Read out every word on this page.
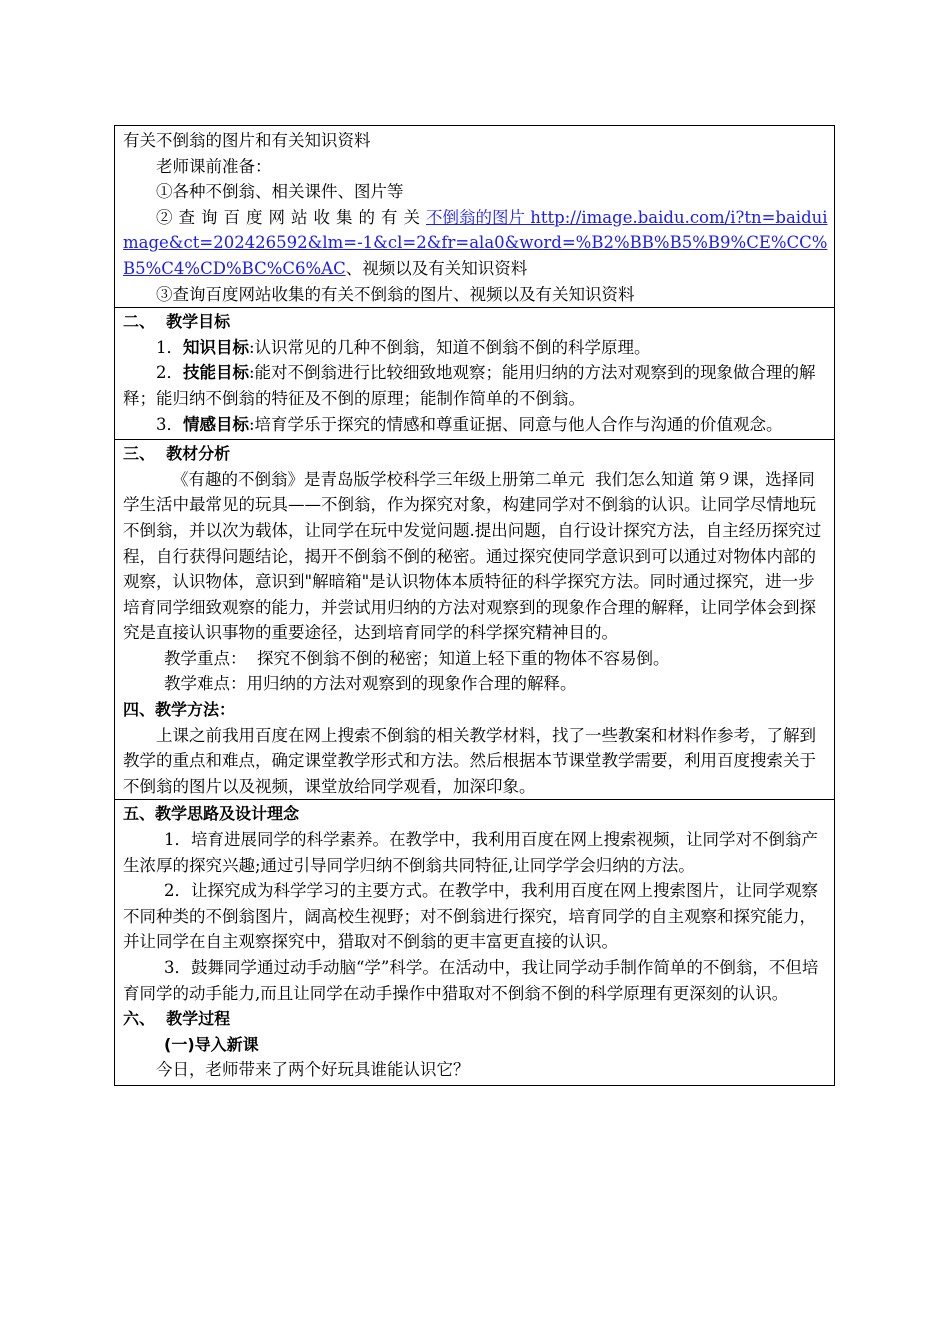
有关不倒翁的图片和有关知识资料

老师课前准备：

①各种不倒翁、相关课件、图片等

②查询百度网站收集的有关不倒翁的图片 http://image.baidu.com/i?tn=baiduimage&ct=202426592&lm=-1&cl=2&fr=ala0&word=%B2%BB%B5%B9%CE%CC%B5%C4%CD%BC%C6%AC、视频以及有关知识资料

③查询百度网站收集的有关不倒翁的图片、视频以及有关知识资料

二、  教学目标

1．知识目标:认识常见的几种不倒翁，知道不倒翁不倒的科学原理。

2．技能目标:能对不倒翁进行比较细致地观察；能用归纳的方法对观察到的现象做合理的解释；能归纳不倒翁的特征及不倒的原理；能制作简单的不倒翁。

3．情感目标:培育学乐于探究的情感和尊重证据、同意与他人合作与沟通的价值观念。

三、  教材分析

《有趣的不倒翁》是青岛版学校科学三年级上册第二单元  我们怎么知道 第９课，选择同学生活中最常见的玩具——不倒翁，作为探究对象，构建同学对不倒翁的认识。让同学尽情地玩不倒翁，并以次为载体，让同学在玩中发觉问题.提出问题，自行设计探究方法，自主经历探究过程，自行获得问题结论，揭开不倒翁不倒的秘密。通过探究使同学意识到可以通过对物体内部的观察，认识物体，意识到"解暗箱"是认识物体本质特征的科学探究方法。同时通过探究，进一步培育同学细致观察的能力，并尝试用归纳的方法对观察到的现象作合理的解释，让同学体会到探究是直接认识事物的重要途径，达到培育同学的科学探究精神目的。

教学重点：  探究不倒翁不倒的秘密；知道上轻下重的物体不容易倒。

教学难点：用归纳的方法对观察到的现象作合理的解释。

四、教学方法：

上课之前我用百度在网上搜索不倒翁的相关教学材料，找了一些教案和材料作参考，了解到教学的重点和难点，确定课堂教学形式和方法。然后根据本节课堂教学需要，利用百度搜索关于不倒翁的图片以及视频，课堂放给同学观看，加深印象。

五、教学思路及设计理念

1．培育进展同学的科学素养。在教学中，我利用百度在网上搜索视频，让同学对不倒翁产生浓厚的探究兴趣;通过引导同学归纳不倒翁共同特征,让同学学会归纳的方法。

2．让探究成为科学学习的主要方式。在教学中，我利用百度在网上搜索图片，让同学观察不同种类的不倒翁图片，阔高校生视野；对不倒翁进行探究，培育同学的自主观察和探究能力，并让同学在自主观察探究中，猎取对不倒翁的更丰富更直接的认识。

3．鼓舞同学通过动手动脑“学”科学。在活动中，我让同学动手制作简单的不倒翁，不但培育同学的动手能力,而且让同学在动手操作中猎取对不倒翁不倒的科学原理有更深刻的认识。

六、  教学过程

(一)导入新课

今日，老师带来了两个好玩具谁能认识它？
